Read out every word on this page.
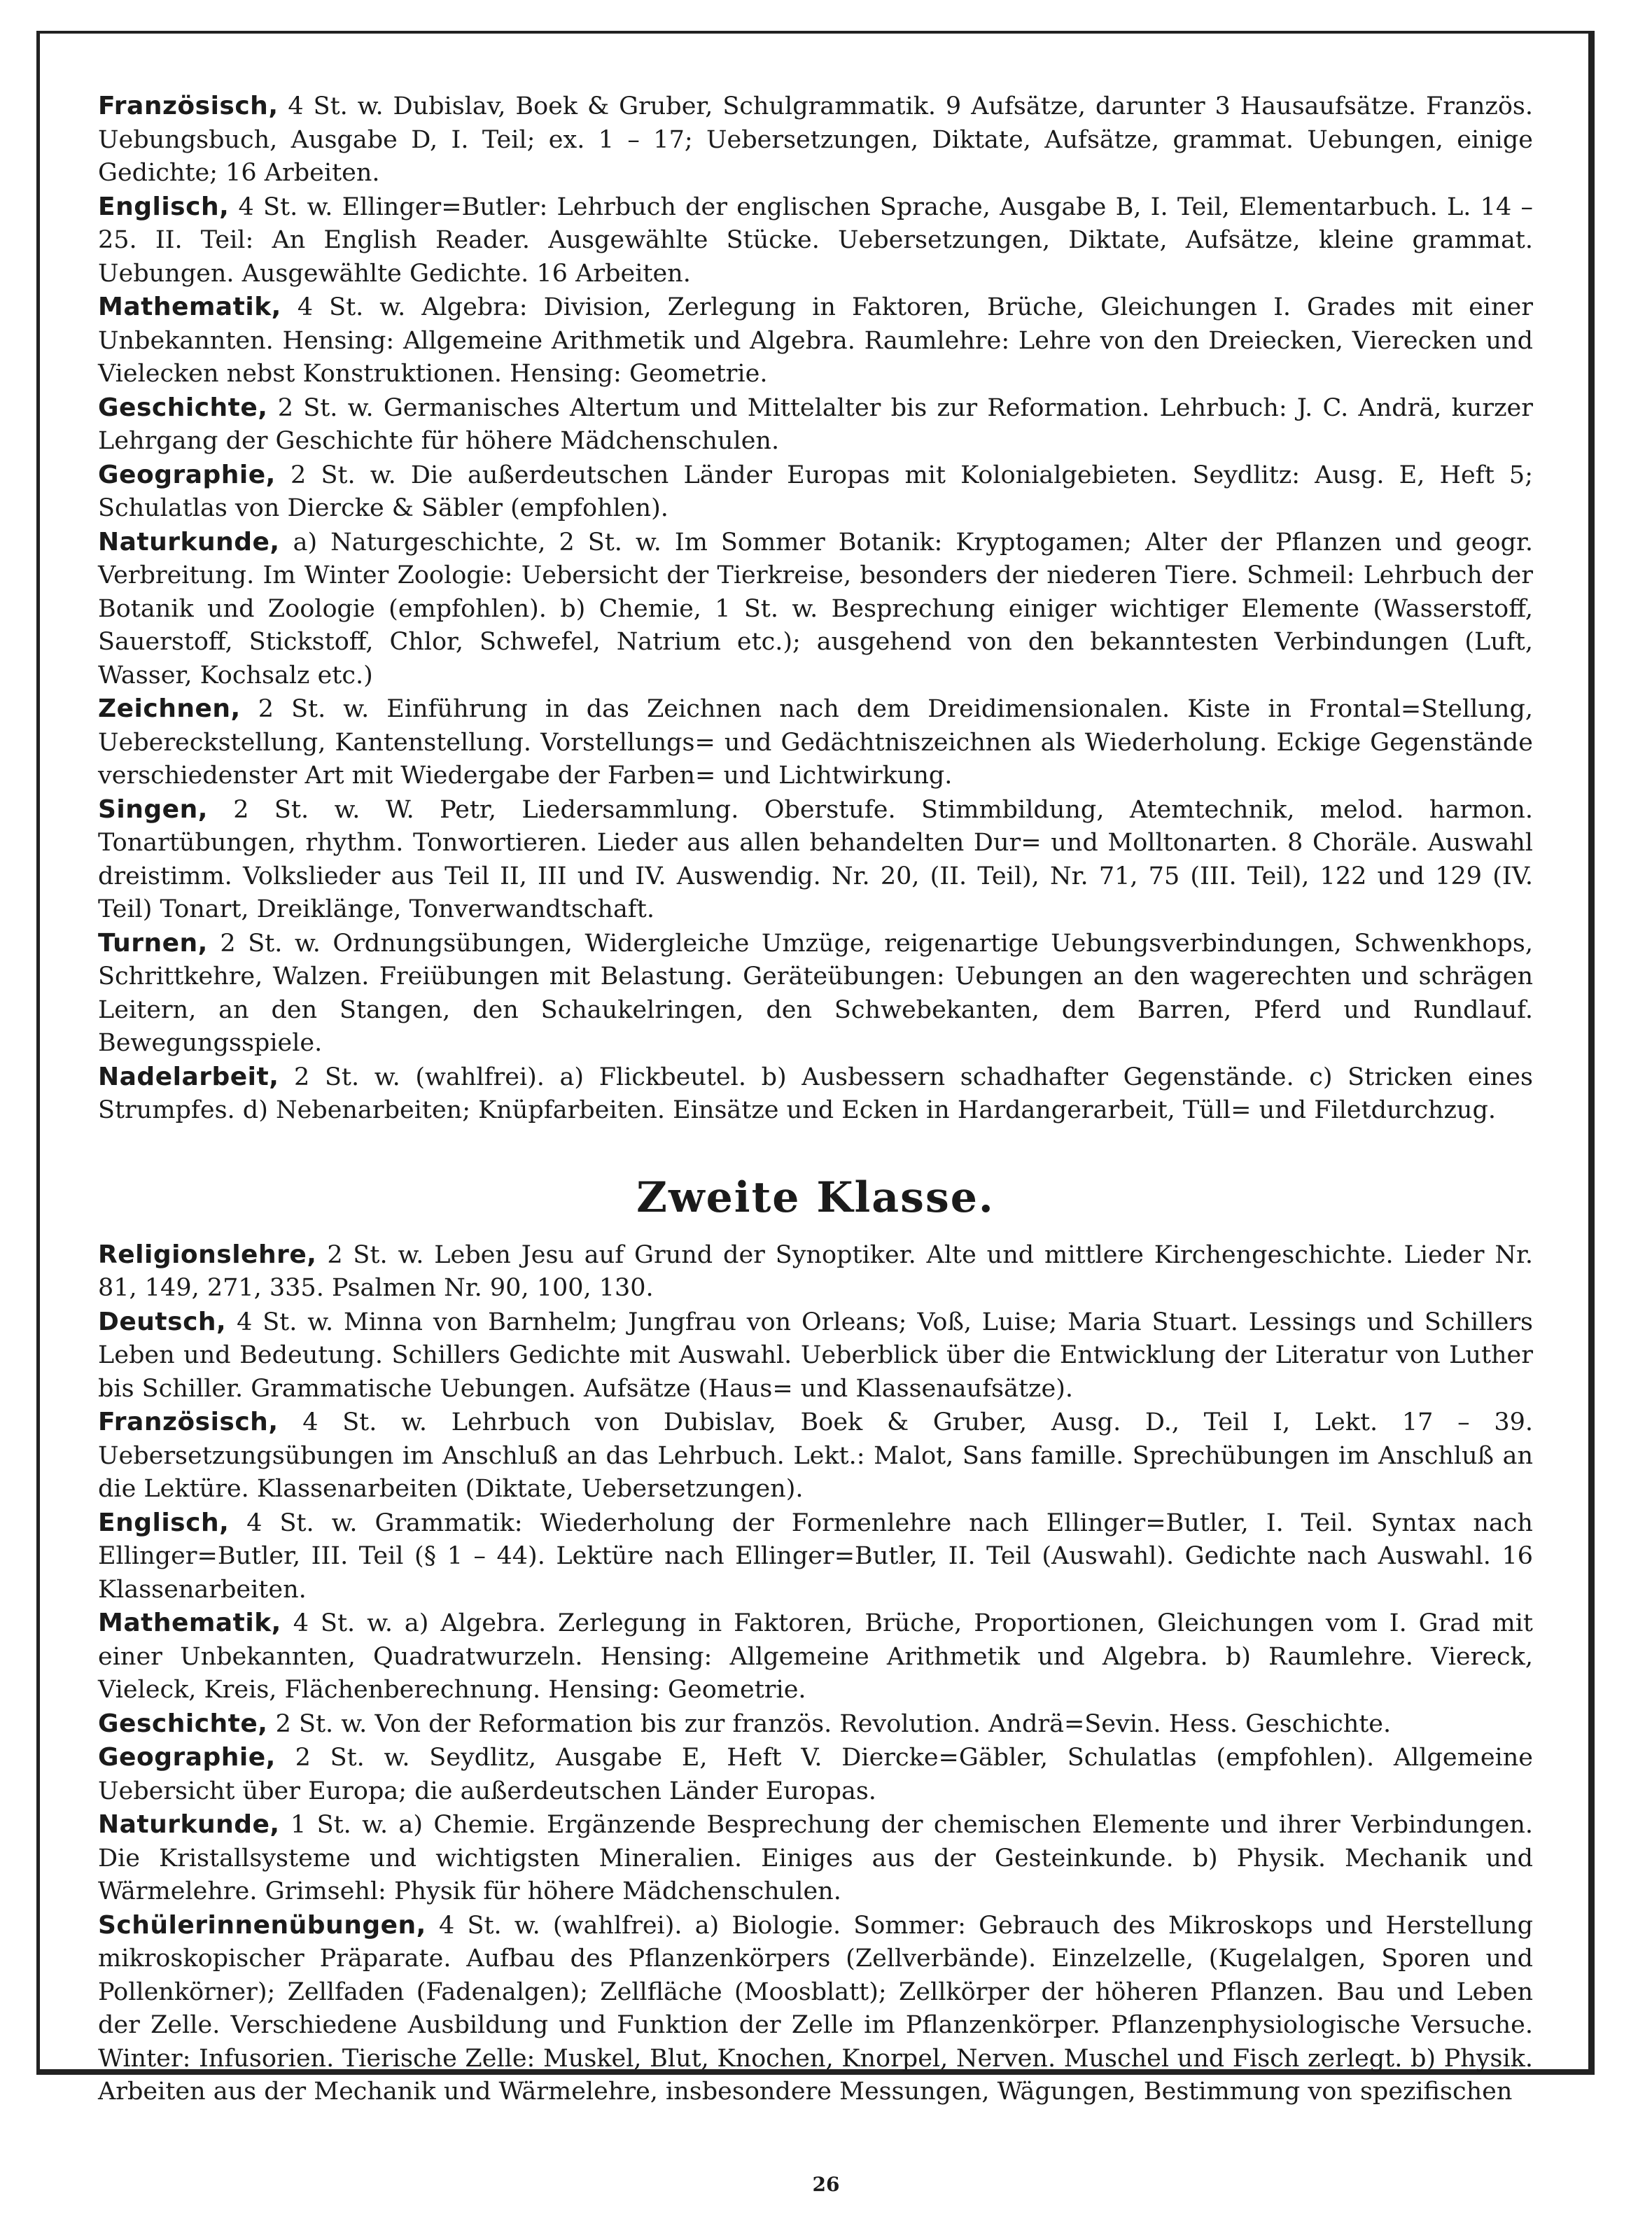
Französisch, 4 St. w. Dubislav, Boek & Gruber, Schulgrammatik. 9 Aufsätze, darunter 3 Hausaufsätze. Französ. Uebungsbuch, Ausgabe D, I. Teil; ex. 1 – 17; Uebersetzungen, Diktate, Aufsätze, grammat. Uebungen, einige Gedichte; 16 Arbeiten.

Englisch, 4 St. w. Ellinger=Butler: Lehrbuch der englischen Sprache, Ausgabe B, I. Teil, Elementarbuch. L. 14 – 25. II. Teil: An English Reader. Ausgewählte Stücke. Uebersetzungen, Diktate, Aufsätze, kleine grammat. Uebungen. Ausgewählte Gedichte. 16 Arbeiten.

Mathematik, 4 St. w. Algebra: Division, Zerlegung in Faktoren, Brüche, Gleichungen I. Grades mit einer Unbekannten. Hensing: Allgemeine Arithmetik und Algebra. Raumlehre: Lehre von den Dreiecken, Vierecken und Vielecken nebst Konstruktionen. Hensing: Geometrie.

Geschichte, 2 St. w. Germanisches Altertum und Mittelalter bis zur Reformation. Lehrbuch: J. C. Andrä, kurzer Lehrgang der Geschichte für höhere Mädchenschulen.

Geographie, 2 St. w. Die außerdeutschen Länder Europas mit Kolonialgebieten. Seydlitz: Ausg. E, Heft 5; Schulatlas von Diercke & Säbler (empfohlen).

Naturkunde, a) Naturgeschichte, 2 St. w. Im Sommer Botanik: Kryptogamen; Alter der Pflanzen und geogr. Verbreitung. Im Winter Zoologie: Uebersicht der Tierkreise, besonders der niederen Tiere. Schmeil: Lehrbuch der Botanik und Zoologie (empfohlen). b) Chemie, 1 St. w. Besprechung einiger wichtiger Elemente (Wasserstoff, Sauerstoff, Stickstoff, Chlor, Schwefel, Natrium etc.); ausgehend von den bekanntesten Verbindungen (Luft, Wasser, Kochsalz etc.)

Zeichnen, 2 St. w. Einführung in das Zeichnen nach dem Dreidimensionalen. Kiste in Frontal=Stellung, Uebereckstellung, Kantenstellung. Vorstellungs= und Gedächtniszeichnen als Wiederholung. Eckige Gegenstände verschiedenster Art mit Wiedergabe der Farben= und Lichtwirkung.

Singen, 2 St. w. W. Petr, Liedersammlung. Oberstufe. Stimmbildung, Atemtechnik, melod. harmon. Tonartübungen, rhythm. Tonwortieren. Lieder aus allen behandelten Dur= und Molltonarten. 8 Choräle. Auswahl dreistimm. Volkslieder aus Teil II, III und IV. Auswendig. Nr. 20, (II. Teil), Nr. 71, 75 (III. Teil), 122 und 129 (IV. Teil) Tonart, Dreiklänge, Tonverwandtschaft.

Turnen, 2 St. w. Ordnungsübungen, Widergleiche Umzüge, reigenartige Uebungsverbindungen, Schwenkhops, Schrittkehre, Walzen. Freiübungen mit Belastung. Geräteübungen: Uebungen an den wagerechten und schrägen Leitern, an den Stangen, den Schaukelringen, den Schwebekanten, dem Barren, Pferd und Rundlauf. Bewegungsspiele.

Nadelarbeit, 2 St. w. (wahlfrei). a) Flickbeutel. b) Ausbessern schadhafter Gegenstände. c) Stricken eines Strumpfes. d) Nebenarbeiten; Knüpfarbeiten. Einsätze und Ecken in Hardangerarbeit, Tüll= und Filetdurchzug.

Zweite Klasse.

Religionslehre, 2 St. w. Leben Jesu auf Grund der Synoptiker. Alte und mittlere Kirchengeschichte. Lieder Nr. 81, 149, 271, 335. Psalmen Nr. 90, 100, 130.

Deutsch, 4 St. w. Minna von Barnhelm; Jungfrau von Orleans; Voß, Luise; Maria Stuart. Lessings und Schillers Leben und Bedeutung. Schillers Gedichte mit Auswahl. Ueberblick über die Entwicklung der Literatur von Luther bis Schiller. Grammatische Uebungen. Aufsätze (Haus= und Klassenaufsätze).

Französisch, 4 St. w. Lehrbuch von Dubislav, Boek & Gruber, Ausg. D., Teil I, Lekt. 17 – 39. Uebersetzungsübungen im Anschluß an das Lehrbuch. Lekt.: Malot, Sans famille. Sprechübungen im Anschluß an die Lektüre. Klassenarbeiten (Diktate, Uebersetzungen).

Englisch, 4 St. w. Grammatik: Wiederholung der Formenlehre nach Ellinger=Butler, I. Teil. Syntax nach Ellinger=Butler, III. Teil (§ 1 – 44). Lektüre nach Ellinger=Butler, II. Teil (Auswahl). Gedichte nach Auswahl. 16 Klassenarbeiten.

Mathematik, 4 St. w. a) Algebra. Zerlegung in Faktoren, Brüche, Proportionen, Gleichungen vom I. Grad mit einer Unbekannten, Quadratwurzeln. Hensing: Allgemeine Arithmetik und Algebra. b) Raumlehre. Viereck, Vieleck, Kreis, Flächenberechnung. Hensing: Geometrie.

Geschichte, 2 St. w. Von der Reformation bis zur französ. Revolution. Andrä=Sevin. Hess. Geschichte.

Geographie, 2 St. w. Seydlitz, Ausgabe E, Heft V. Diercke=Gäbler, Schulatlas (empfohlen). Allgemeine Uebersicht über Europa; die außerdeutschen Länder Europas.

Naturkunde, 1 St. w. a) Chemie. Ergänzende Besprechung der chemischen Elemente und ihrer Verbindungen. Die Kristallsysteme und wichtigsten Mineralien. Einiges aus der Gesteinkunde. b) Physik. Mechanik und Wärmelehre. Grimsehl: Physik für höhere Mädchenschulen.

Schülerinnenübungen, 4 St. w. (wahlfrei). a) Biologie. Sommer: Gebrauch des Mikroskops und Herstellung mikroskopischer Präparate. Aufbau des Pflanzenkörpers (Zellverbände). Einzelzelle, (Kugelalgen, Sporen und Pollenkörner); Zellfaden (Fadenalgen); Zellfläche (Moosblatt); Zellkörper der höheren Pflanzen. Bau und Leben der Zelle. Verschiedene Ausbildung und Funktion der Zelle im Pflanzenkörper. Pflanzenphysiologische Versuche. Winter: Infusorien. Tierische Zelle: Muskel, Blut, Knochen, Knorpel, Nerven. Muschel und Fisch zerlegt. b) Physik. Arbeiten aus der Mechanik und Wärmelehre, insbesondere Messungen, Wägungen, Bestimmung von spezifischen

26
